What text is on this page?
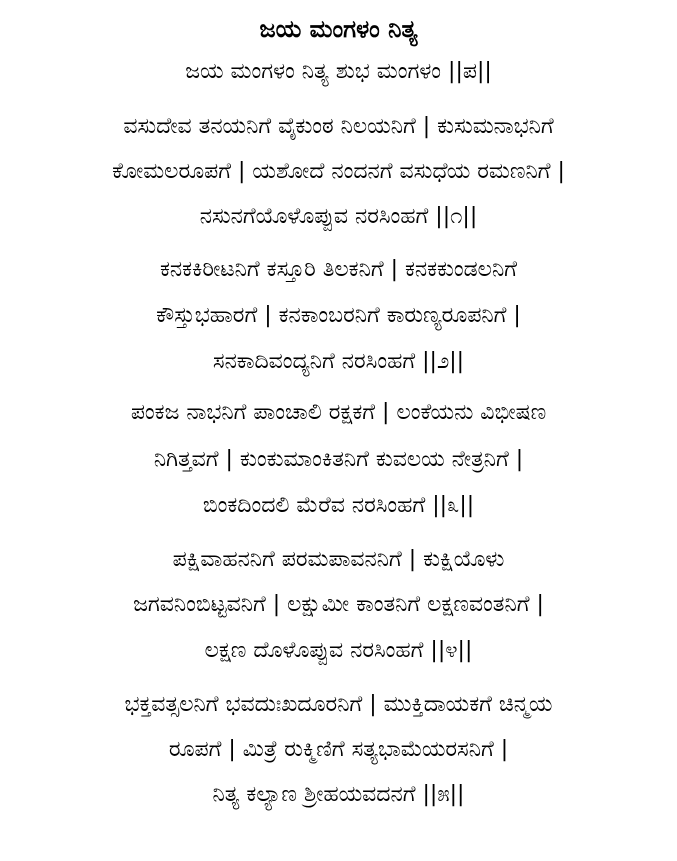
ಜಯ ಮಂಗಳಂ ನಿತ್ಯ
ಜಯ ಮಂಗಳಂ ನಿತ್ಯ ಶುಭ ಮಂಗಳಂ ||ಪ||
ವಸುದೇವ ತನಯನಿಗೆ ವೈಕುಂಠ ನಿಲಯನಿಗೆ | ಕುಸುಮನಾಭನಿಗೆ
ಕೋಮಲರೂಪಗೆ | ಯಶೋದೆ ನಂದನಗೆ ವಸುಧೆಯ ರಮಣನಿಗೆ |
ನಸುನಗೆಯೊಳೊಪ್ಪುವ ನರಸಿಂಹಗೆ ||೧||
ಕನಕಕಿರೀಟನಿಗೆ ಕಸ್ತೂರಿ ತಿಲಕನಿಗೆ | ಕನಕಕುಂಡಲನಿಗೆ
ಕೌಸ್ತುಭಹಾರಗೆ | ಕನಕಾಂಬರನಿಗೆ ಕಾರುಣ್ಯರೂಪನಿಗೆ |
ಸನಕಾದಿವಂದ್ಯನಿಗೆ ನರಸಿಂಹಗೆ ||೨||
ಪಂಕಜ ನಾಭನಿಗೆ ಪಾಂಚಾಲಿ ರಕ್ಷಕಗೆ | ಲಂಕೆಯನು ವಿಭೀಷಣ
ನಿಗಿತ್ತವಗೆ | ಕುಂಕುಮಾಂಕಿತನಿಗೆ ಕುವಲಯ ನೇತ್ರನಿಗೆ |
ಬಿಂಕದಿಂದಲಿ ಮೆರೆವ ನರಸಿಂಹಗೆ ||೩||
ಪಕ್ಷಿವಾಹನನಿಗೆ ಪರಮಪಾವನನಿಗೆ | ಕುಕ್ಷಿಯೊಳು
ಜಗವನಿಂಬಿಟ್ಟವನಿಗೆ | ಲಕ್ಷುಮೀ ಕಾಂತನಿಗೆ ಲಕ್ಷಣವಂತನಿಗೆ |
ಲಕ್ಷಣ ದೊಳೊಪ್ಪುವ ನರಸಿಂಹಗೆ ||೪||
ಭಕ್ತವತ್ಸಲನಿಗೆ ಭವದುಃಖದೂರನಿಗೆ | ಮುಕ್ತಿದಾಯಕಗೆ ಚಿನ್ಮಯ
ರೂಪಗೆ | ಮಿತ್ರೆ ರುಕ್ಮಿಣಿಗೆ ಸತ್ಯಭಾಮೆಯರಸನಿಗೆ |
ನಿತ್ಯ ಕಲ್ಯಾಣ ಶ್ರೀಹಯವದನಗೆ ||೫||
